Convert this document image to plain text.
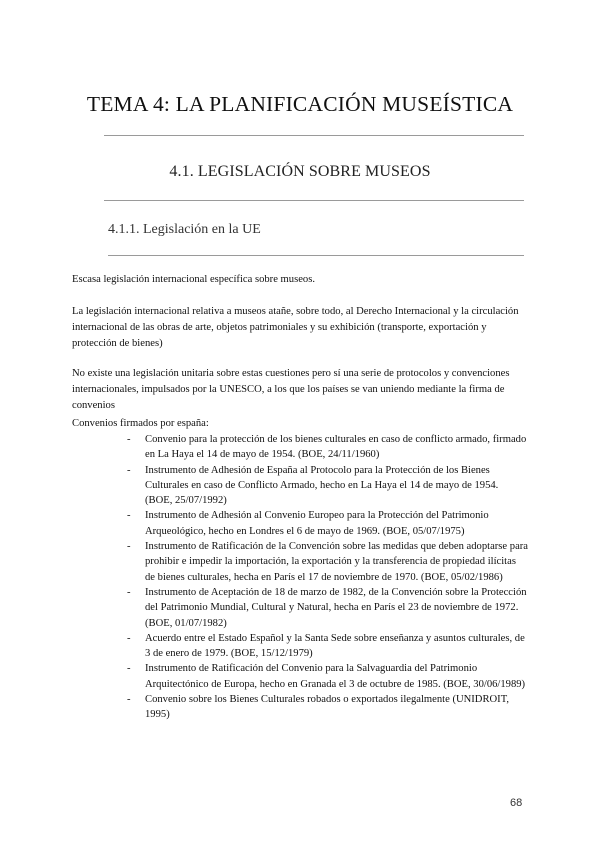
TEMA 4: LA PLANIFICACIÓN MUSEÍSTICA
4.1. LEGISLACIÓN SOBRE MUSEOS
4.1.1. Legislación en la UE
Escasa legislación internacional específica sobre museos.
La legislación internacional relativa a museos atañe, sobre todo, al Derecho Internacional y la circulación internacional de las obras de arte, objetos patrimoniales y su exhibición (transporte, exportación y protección de bienes)
No existe una legislación unitaria sobre estas cuestiones pero sí una serie de protocolos y convenciones internacionales, impulsados por la UNESCO, a los que los países se van uniendo mediante la firma de convenios
Convenios firmados por españa:
- Convenio para la protección de los bienes culturales en caso de conflicto armado, firmado en La Haya el 14 de mayo de 1954. (BOE, 24/11/1960)
- Instrumento de Adhesión de España al Protocolo para la Protección de los Bienes Culturales en caso de Conflicto Armado, hecho en La Haya el 14 de mayo de 1954. (BOE, 25/07/1992)
- Instrumento de Adhesión al Convenio Europeo para la Protección del Patrimonio Arqueológico, hecho en Londres el 6 de mayo de 1969. (BOE, 05/07/1975)
- Instrumento de Ratificación de la Convención sobre las medidas que deben adoptarse para prohibir e impedir la importación, la exportación y la transferencia de propiedad ilícitas de bienes culturales, hecha en París el 17 de noviembre de 1970. (BOE, 05/02/1986)
- Instrumento de Aceptación de 18 de marzo de 1982, de la Convención sobre la Protección del Patrimonio Mundial, Cultural y Natural, hecha en París el 23 de noviembre de 1972. (BOE, 01/07/1982)
- Acuerdo entre el Estado Español y la Santa Sede sobre enseñanza y asuntos culturales, de 3 de enero de 1979. (BOE, 15/12/1979)
- Instrumento de Ratificación del Convenio para la Salvaguardia del Patrimonio Arquitectónico de Europa, hecho en Granada el 3 de octubre de 1985. (BOE, 30/06/1989)
- Convenio sobre los Bienes Culturales robados o exportados ilegalmente (UNIDROIT, 1995)
68
